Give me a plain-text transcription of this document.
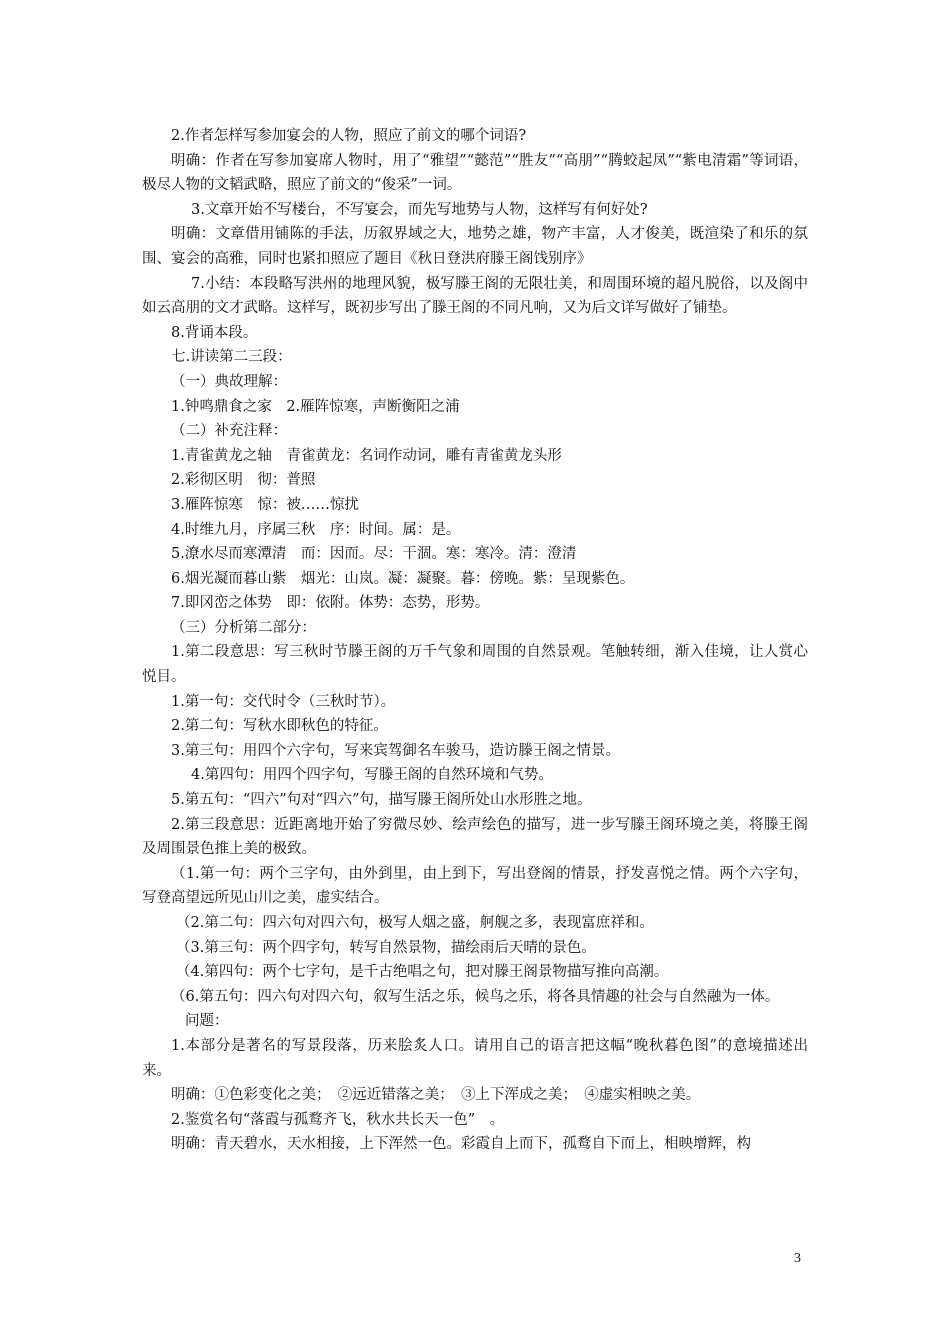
2.作者怎样写参加宴会的人物，照应了前文的哪个词语?

明确：作者在写参加宴席人物时，用了“雅望”“懿范”“胜友”“高朋”“腾蛟起凤”“紫电清霜”等词语，极尽人物的文韬武略，照应了前文的“俊采”一词。

3.文章开始不写楼台，不写宴会，而先写地势与人物，这样写有何好处?

明确：文章借用铺陈的手法，历叙界域之大，地势之雄，物产丰富，人才俊美，既渲染了和乐的氛围、宴会的高雅，同时也紧扣照应了题目《秋日登洪府滕王阁饯别序》

7.小结：本段略写洪州的地理风貌，极写滕王阁的无限壮美，和周围环境的超凡脱俗，以及阁中如云高朋的文才武略。这样写，既初步写出了滕王阁的不同凡响，又为后文详写做好了铺垫。

8.背诵本段。

七.讲读第二三段：

（一）典故理解：

1.钟鸣鼎食之家　2.雁阵惊寒，声断衡阳之浦

（二）补充注释：

1.青雀黄龙之轴　青雀黄龙：名词作动词，雕有青雀黄龙头形

2.彩彻区明　彻：普照

3.雁阵惊寒　惊：被……惊扰

4.时维九月，序属三秋　序：时间。属：是。

5.潦水尽而寒潭清　而：因而。尽：干涸。寒：寒冷。清：澄清

6.烟光凝而暮山紫　烟光：山岚。凝：凝聚。暮：傍晚。紫：呈现紫色。

7.即冈峦之体势　即：依附。体势：态势，形势。

（三）分析第二部分：

1.第二段意思：写三秋时节滕王阁的万千气象和周围的自然景观。笔触转细，渐入佳境，让人赏心悦目。

1.第一句：交代时令（三秋时节）。

2.第二句：写秋水即秋色的特征。

3.第三句：用四个六字句，写来宾驾御名车骏马，造访滕王阁之情景。

4.第四句：用四个四字句，写滕王阁的自然环境和气势。

5.第五句：“四六”句对“四六”句，描写滕王阁所处山水形胜之地。

2.第三段意思：近距离地开始了穷微尽妙、绘声绘色的描写，进一步写滕王阁环境之美，将滕王阁及周围景色推上美的极致。

（1.第一句：两个三字句，由外到里，由上到下，写出登阁的情景，抒发喜悦之情。两个六字句，写登高望远所见山川之美，虚实结合。

（2.第二句：四六句对四六句，极写人烟之盛，舸舰之多，表现富庶祥和。

（3.第三句：两个四字句，转写自然景物，描绘雨后天晴的景色。

（4.第四句：两个七字句，是千古绝唱之句，把对滕王阁景物描写推向高潮。

（6.第五句：四六句对四六句，叙写生活之乐，候鸟之乐，将各具情趣的社会与自然融为一体。

问题：

1.本部分是著名的写景段落，历来脍炙人口。请用自己的语言把这幅“晚秋暮色图”的意境描述出来。

明确：①色彩变化之美；　②远近错落之美；　③上下浑成之美；　④虚实相映之美。

2.鉴赏名句“落霞与孤鹜齐飞，秋水共长天一色”　。

明确：青天碧水，天水相接，上下浑然一色。彩霞自上而下，孤鹜自下而上，相映增辉，构

3
